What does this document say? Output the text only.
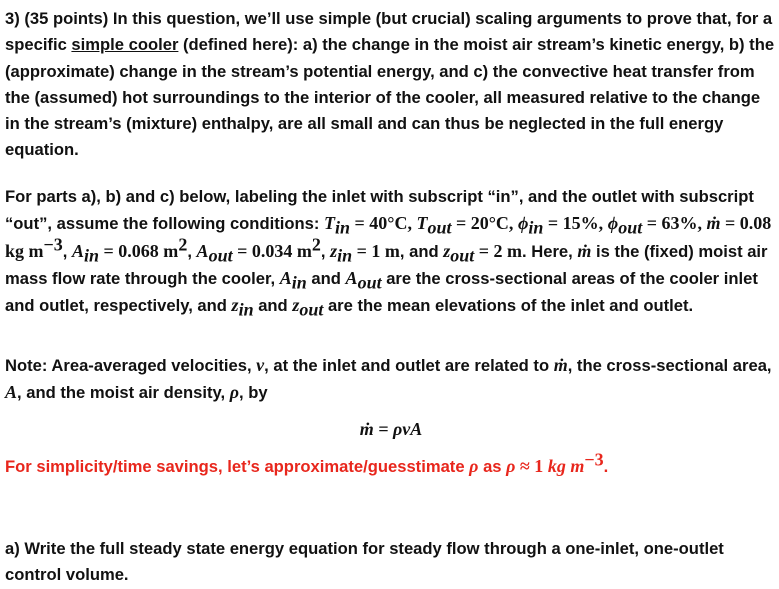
3) (35 points) In this question, we’ll use simple (but crucial) scaling arguments to prove that, for a specific simple cooler (defined here): a) the change in the moist air stream’s kinetic energy, b) the (approximate) change in the stream’s potential energy, and c) the convective heat transfer from the (assumed) hot surroundings to the interior of the cooler, all measured relative to the change in the stream’s (mixture) enthalpy, are all small and can thus be neglected in the full energy equation.

For parts a), b) and c) below, labeling the inlet with subscript “in”, and the outlet with subscript “out”, assume the following conditions: $T_{in} = 40^\circ C$, $T_{out} = 20^\circ C$, $\phi_{in} = 15\%$, $\phi_{out} = 63\%$, ṁ = 0.08 kg $m^{-3}$, $A_{in} = 0.068$ $m^2$, $A_{out} = 0.034$ $m^2$, $z_{in} = 1$ m, and $z_{out} = 2$ m. Here, ṁ is the (fixed) moist air mass flow rate through the cooler, $A_{in}$ and $A_{out}$ are the cross-sectional areas of the cooler inlet and outlet, respectively, and $z_{in}$ and $z_{out}$ are the mean elevations of the inlet and outlet.

Note: Area-averaged velocities, v, at the inlet and outlet are related to ṁ, the cross-sectional area, A, and the moist air density, ρ, by

ṁ = ρvA

For simplicity/time savings, let’s approximate/guesstimate ρ as ρ ≈ 1 kg $m^{-3}$.

a) Write the full steady state energy equation for steady flow through a one-inlet, one-outlet control volume.
